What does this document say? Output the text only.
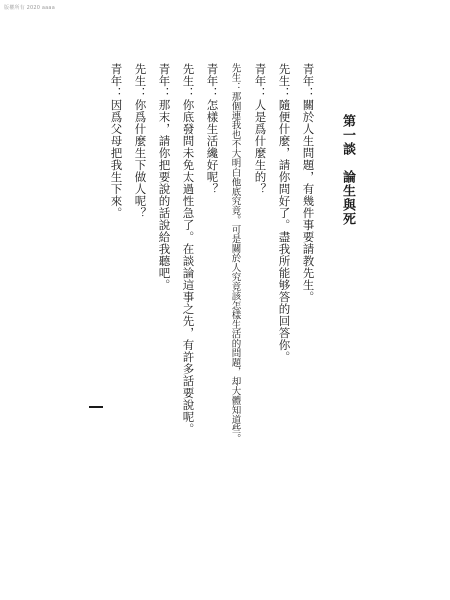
版權所有 2020 aaaa
第一談　論生與死
青年：關於人生問題，有幾件事要請教先生。
先生：隨便什麼，請你問好了。盡我所能够答的回答你。
青年：人是爲什麼生的？
先生：那個連我也不大明白他底究竟。可是關於人究竟該怎樣生活的問題，却大體知道些。
青年：怎樣生活纔好呢？
先生：你底發問未免太過性急了。在談論這事之先，有許多話要說呢。
青年：那末，請你把要說的話說給我聽吧。
先生：你爲什麼生下做人呢？
青年：因爲父母把我生下來。
